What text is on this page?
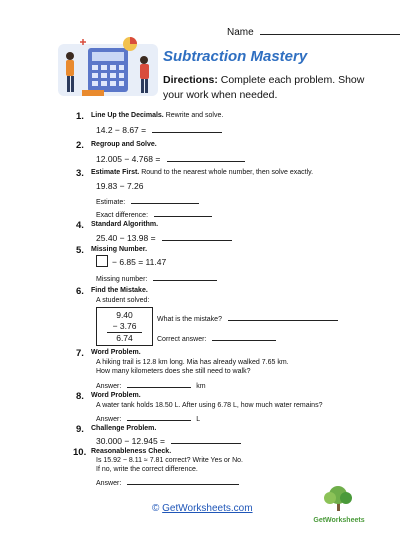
Name
Subtraction Mastery
Directions: Complete each problem. Show
your work when needed.
1. Line Up the Decimals. Rewrite and solve.
14.2 − 8.67 =
2. Regroup and Solve.
12.005 − 4.768 =
3. Estimate First. Round to the nearest whole number, then solve exactly.
19.83 − 7.26
Estimate:
Exact difference:
4. Standard Algorithm.
25.40 − 13.98 =
5. Missing Number.
− 6.85 = 11.47
Missing number:
6. Find the Mistake.
A student solved:
9.40
− 3.76
6.74
What is the mistake?
Correct answer:
7. Word Problem.
A hiking trail is 12.8 km long. Mia has already walked 7.65 km.
How many kilometers does she still need to walk?
Answer:	km
8. Word Problem.
A water tank holds 18.50 L. After using 6.78 L, how much water remains?
Answer:	L
9. Challenge Problem.
30.000 − 12.945 =
10. Reasonableness Check.
Is 15.92 − 8.11 ≈ 7.81 correct? Write Yes or No.
If no, write the correct difference.
Answer:
© GetWorksheets.com
GetWorksheets
